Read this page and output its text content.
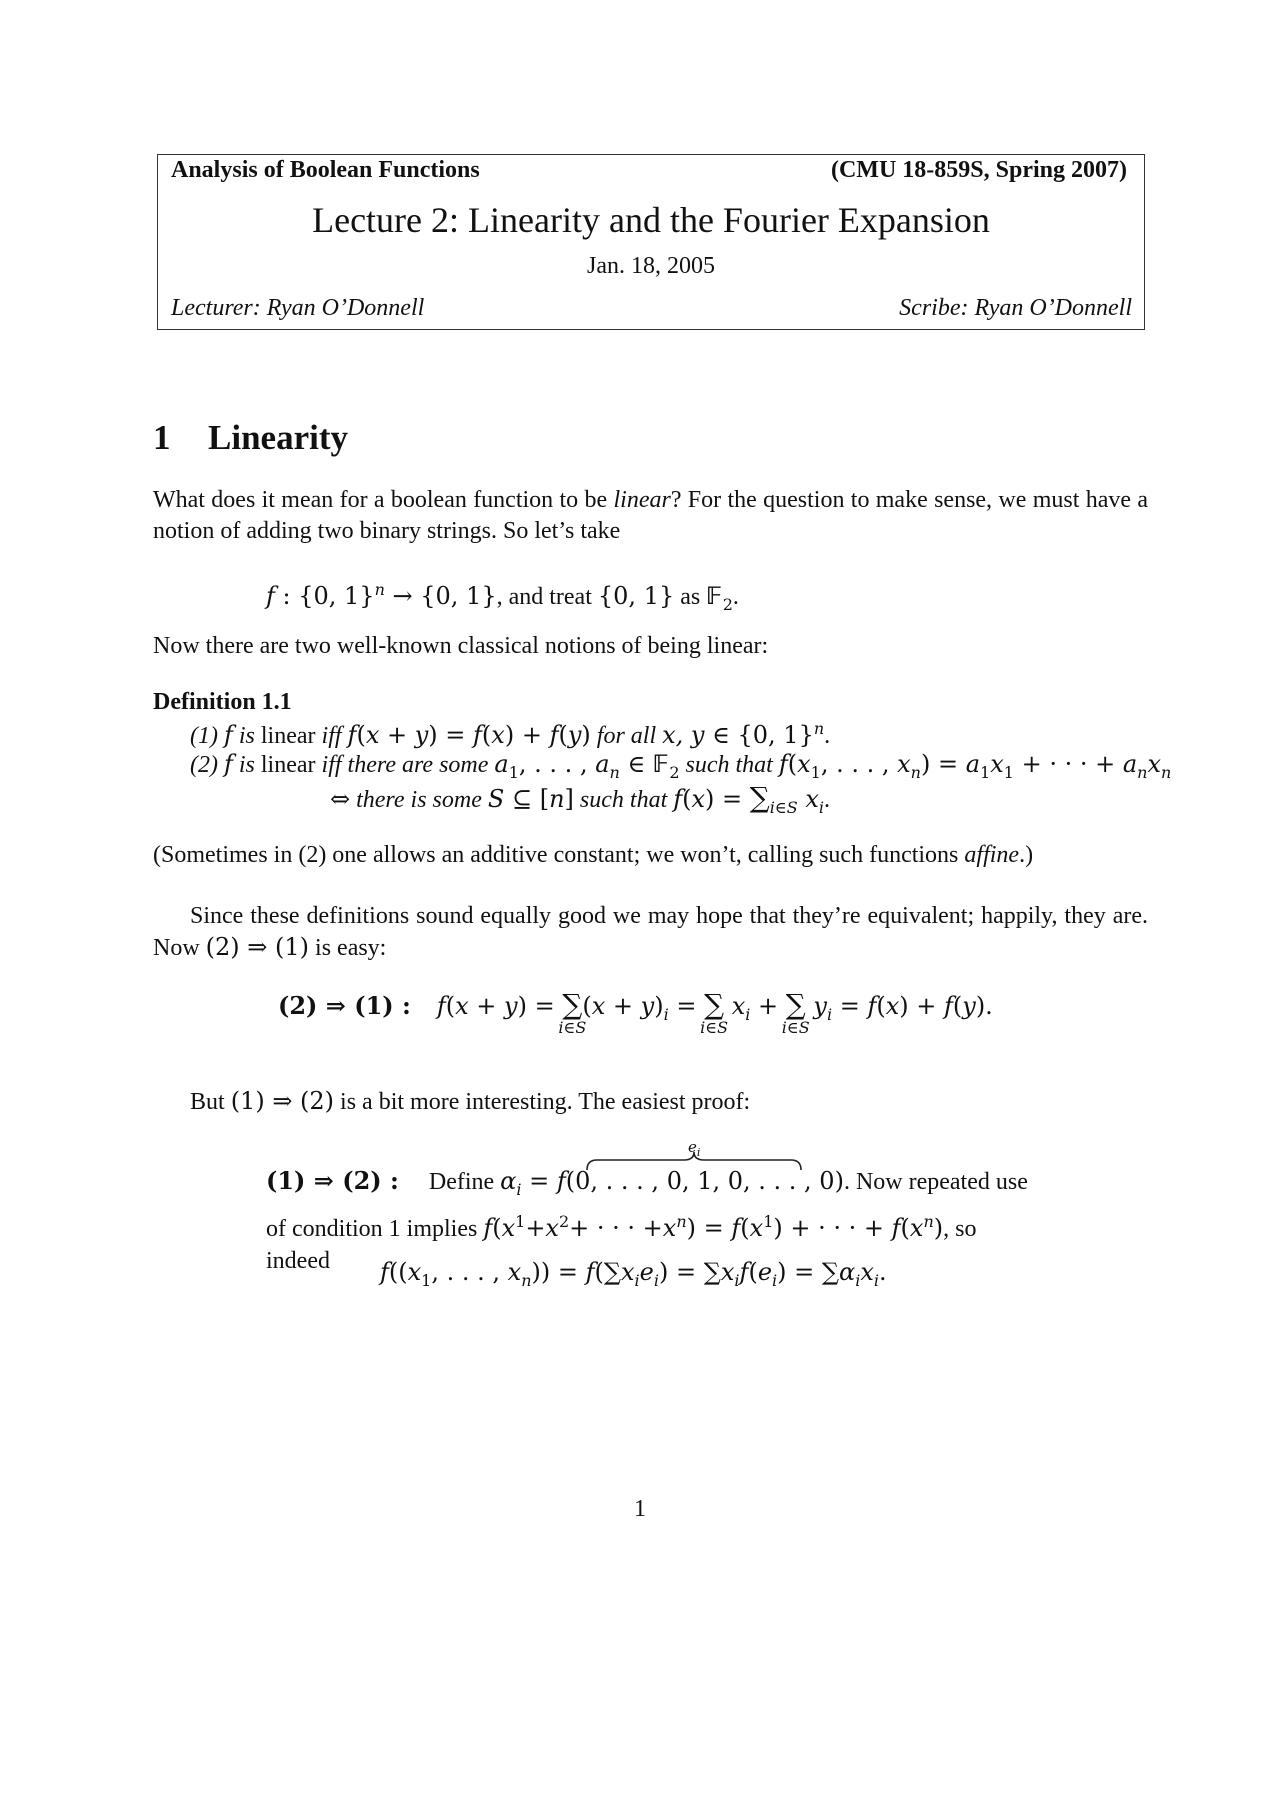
Analysis of Boolean Functions	(CMU 18-859S, Spring 2007)
Lecture 2: Linearity and the Fourier Expansion
Jan. 18, 2005
Lecturer: Ryan O’Donnell	Scribe: Ryan O’Donnell
1 Linearity
What does it mean for a boolean function to be linear? For the question to make sense, we must have a notion of adding two binary strings. So let’s take
f : {0, 1}$^n$ → {0, 1}, and treat {0, 1} as 𝔽$_2$.
Now there are two well-known classical notions of being linear:
Definition 1.1
(1) f is linear iff f(x + y) = f(x) + f(y) for all x, y ∈ {0, 1}$^n$.
(2) f is linear iff there are some $a_1$, . . . , $a_n$ ∈ 𝔽$_2$ such that $f(x_1$, . . . , $x_n) = a_1x_1$ + · · · + $a_nx_n$
⇔ there is some S ⊆ [n] such that $f(x) = \sum_{i\in S}$ $x_i$.
(Sometimes in (2) one allows an additive constant; we won’t, calling such functions affine.)
Since these definitions sound equally good we may hope that they’re equivalent; happily, they are. Now (2) ⇒ (1) is easy:
(2) ⇒ (1) : f(x + y) = ∑
i∈S
$(x + y)_i$ = ∑
i∈S
$x_i$ + ∑
i∈S
$y_i = f(x) + f(y)$.
But (1) ⇒ (2) is a bit more interesting. The easiest proof:
$e_i$
(1) ⇒ (2) : Define $\alpha_i = f(0$, . . . , 0, 1, 0, . . . , 0). Now repeated use of condition 1 implies $f(x^1+x^2+$ · · · $+x^n) = f(x^1)$ + · · · + $f(x^n)$, so indeed	$f((x_1$, . . . , $x_n)) = f(\sum x_ie_i) = \sum x_if(e_i) = \sum\alpha_ix_i$.
1
